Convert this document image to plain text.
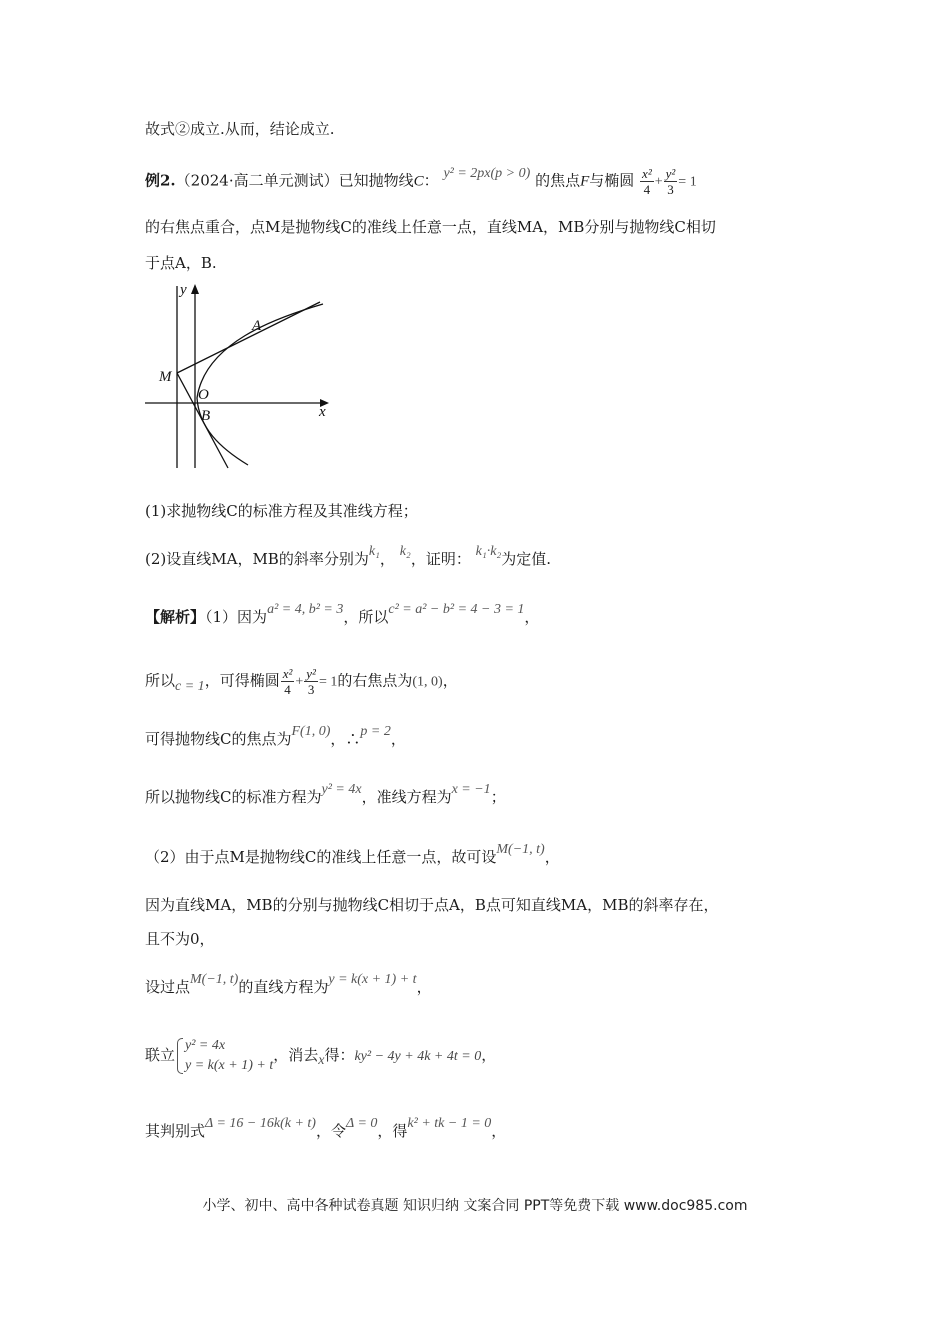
故式②成立.从而，结论成立.
例2.（2024·高二单元测试）已知抛物线C： y² = 2px(p > 0) 的焦点F与椭圆 $\frac{\text{x²}}{4} + \frac{\text{y²}}{3} = 1$
的右焦点重合，点M是抛物线C的准线上任意一点，直线MA，MB分别与抛物线C相切
于点A，B.
x
y
M
A
O
B
(1)求抛物线C的标准方程及其准线方程；
(2)设直线MA，MB的斜率分别为k₁， k₂，证明： k₁·k₂为定值.
【解析】（1）因为a² = 4, b² = 3，所以c² = a² − b² = 4 − 3 = 1，
所以c = 1，可得椭圆 $\frac{\text{x²}}{4} + \frac{\text{y²}}{3} = 1$的右焦点为(1, 0)，
可得抛物线C的焦点为F(1, 0)，∴p = 2，
所以抛物线C的标准方程为y² = 4x，准线方程为x = −1；
（2）由于点M是抛物线C的准线上任意一点，故可设M(−1, t)，
因为直线MA，MB的分别与抛物线C相切于点A，B点可知直线MA，MB的斜率存在，
且不为0，
设过点M(−1, t)的直线方程为y = k(x + 1) + t，
联立
y² = 4x
y = k(x + 1) + t
，消去x得：ky² − 4y + 4k + 4t = 0，
其判别式Δ = 16 − 16k(k + t)，令Δ = 0，得k² + tk − 1 = 0，
小学、初中、高中各种试卷真题 知识归纳 文案合同 PPT等免费下载 www.doc985.com
